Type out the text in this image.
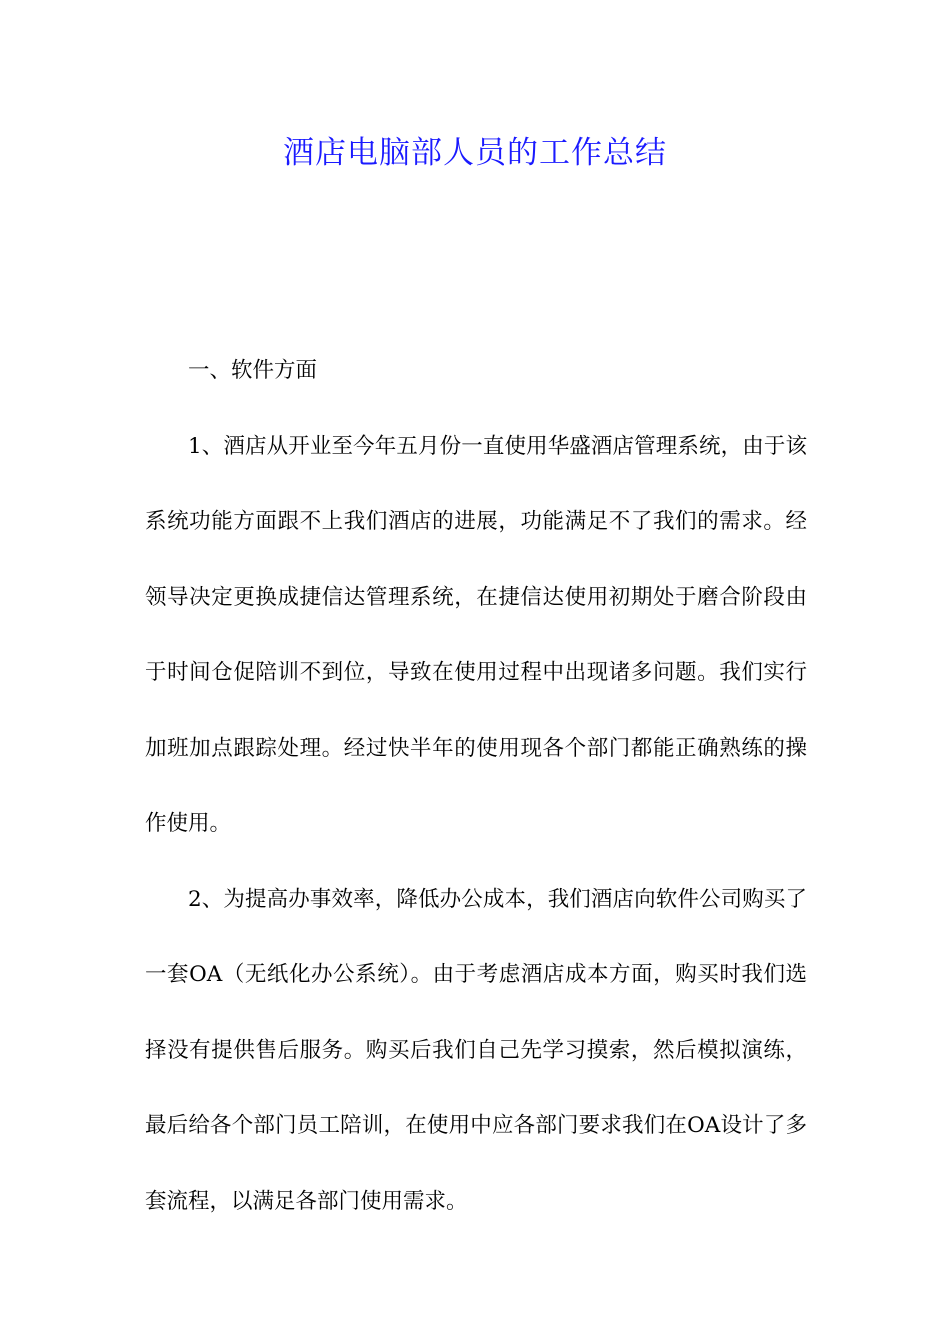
酒店电脑部人员的工作总结

一、软件方面

1、酒店从开业至今年五月份一直使用华盛酒店管理系统，由于该系统功能方面跟不上我们酒店的进展，功能满足不了我们的需求。经领导决定更换成捷信达管理系统，在捷信达使用初期处于磨合阶段由于时间仓促陪训不到位，导致在使用过程中出现诸多问题。我们实行加班加点跟踪处理。经过快半年的使用现各个部门都能正确熟练的操作使用。

2、为提高办事效率，降低办公成本，我们酒店向软件公司购买了一套OA（无纸化办公系统）。由于考虑酒店成本方面，购买时我们选择没有提供售后服务。购买后我们自己先学习摸索，然后模拟演练，最后给各个部门员工陪训，在使用中应各部门要求我们在OA设计了多套流程，以满足各部门使用需求。
